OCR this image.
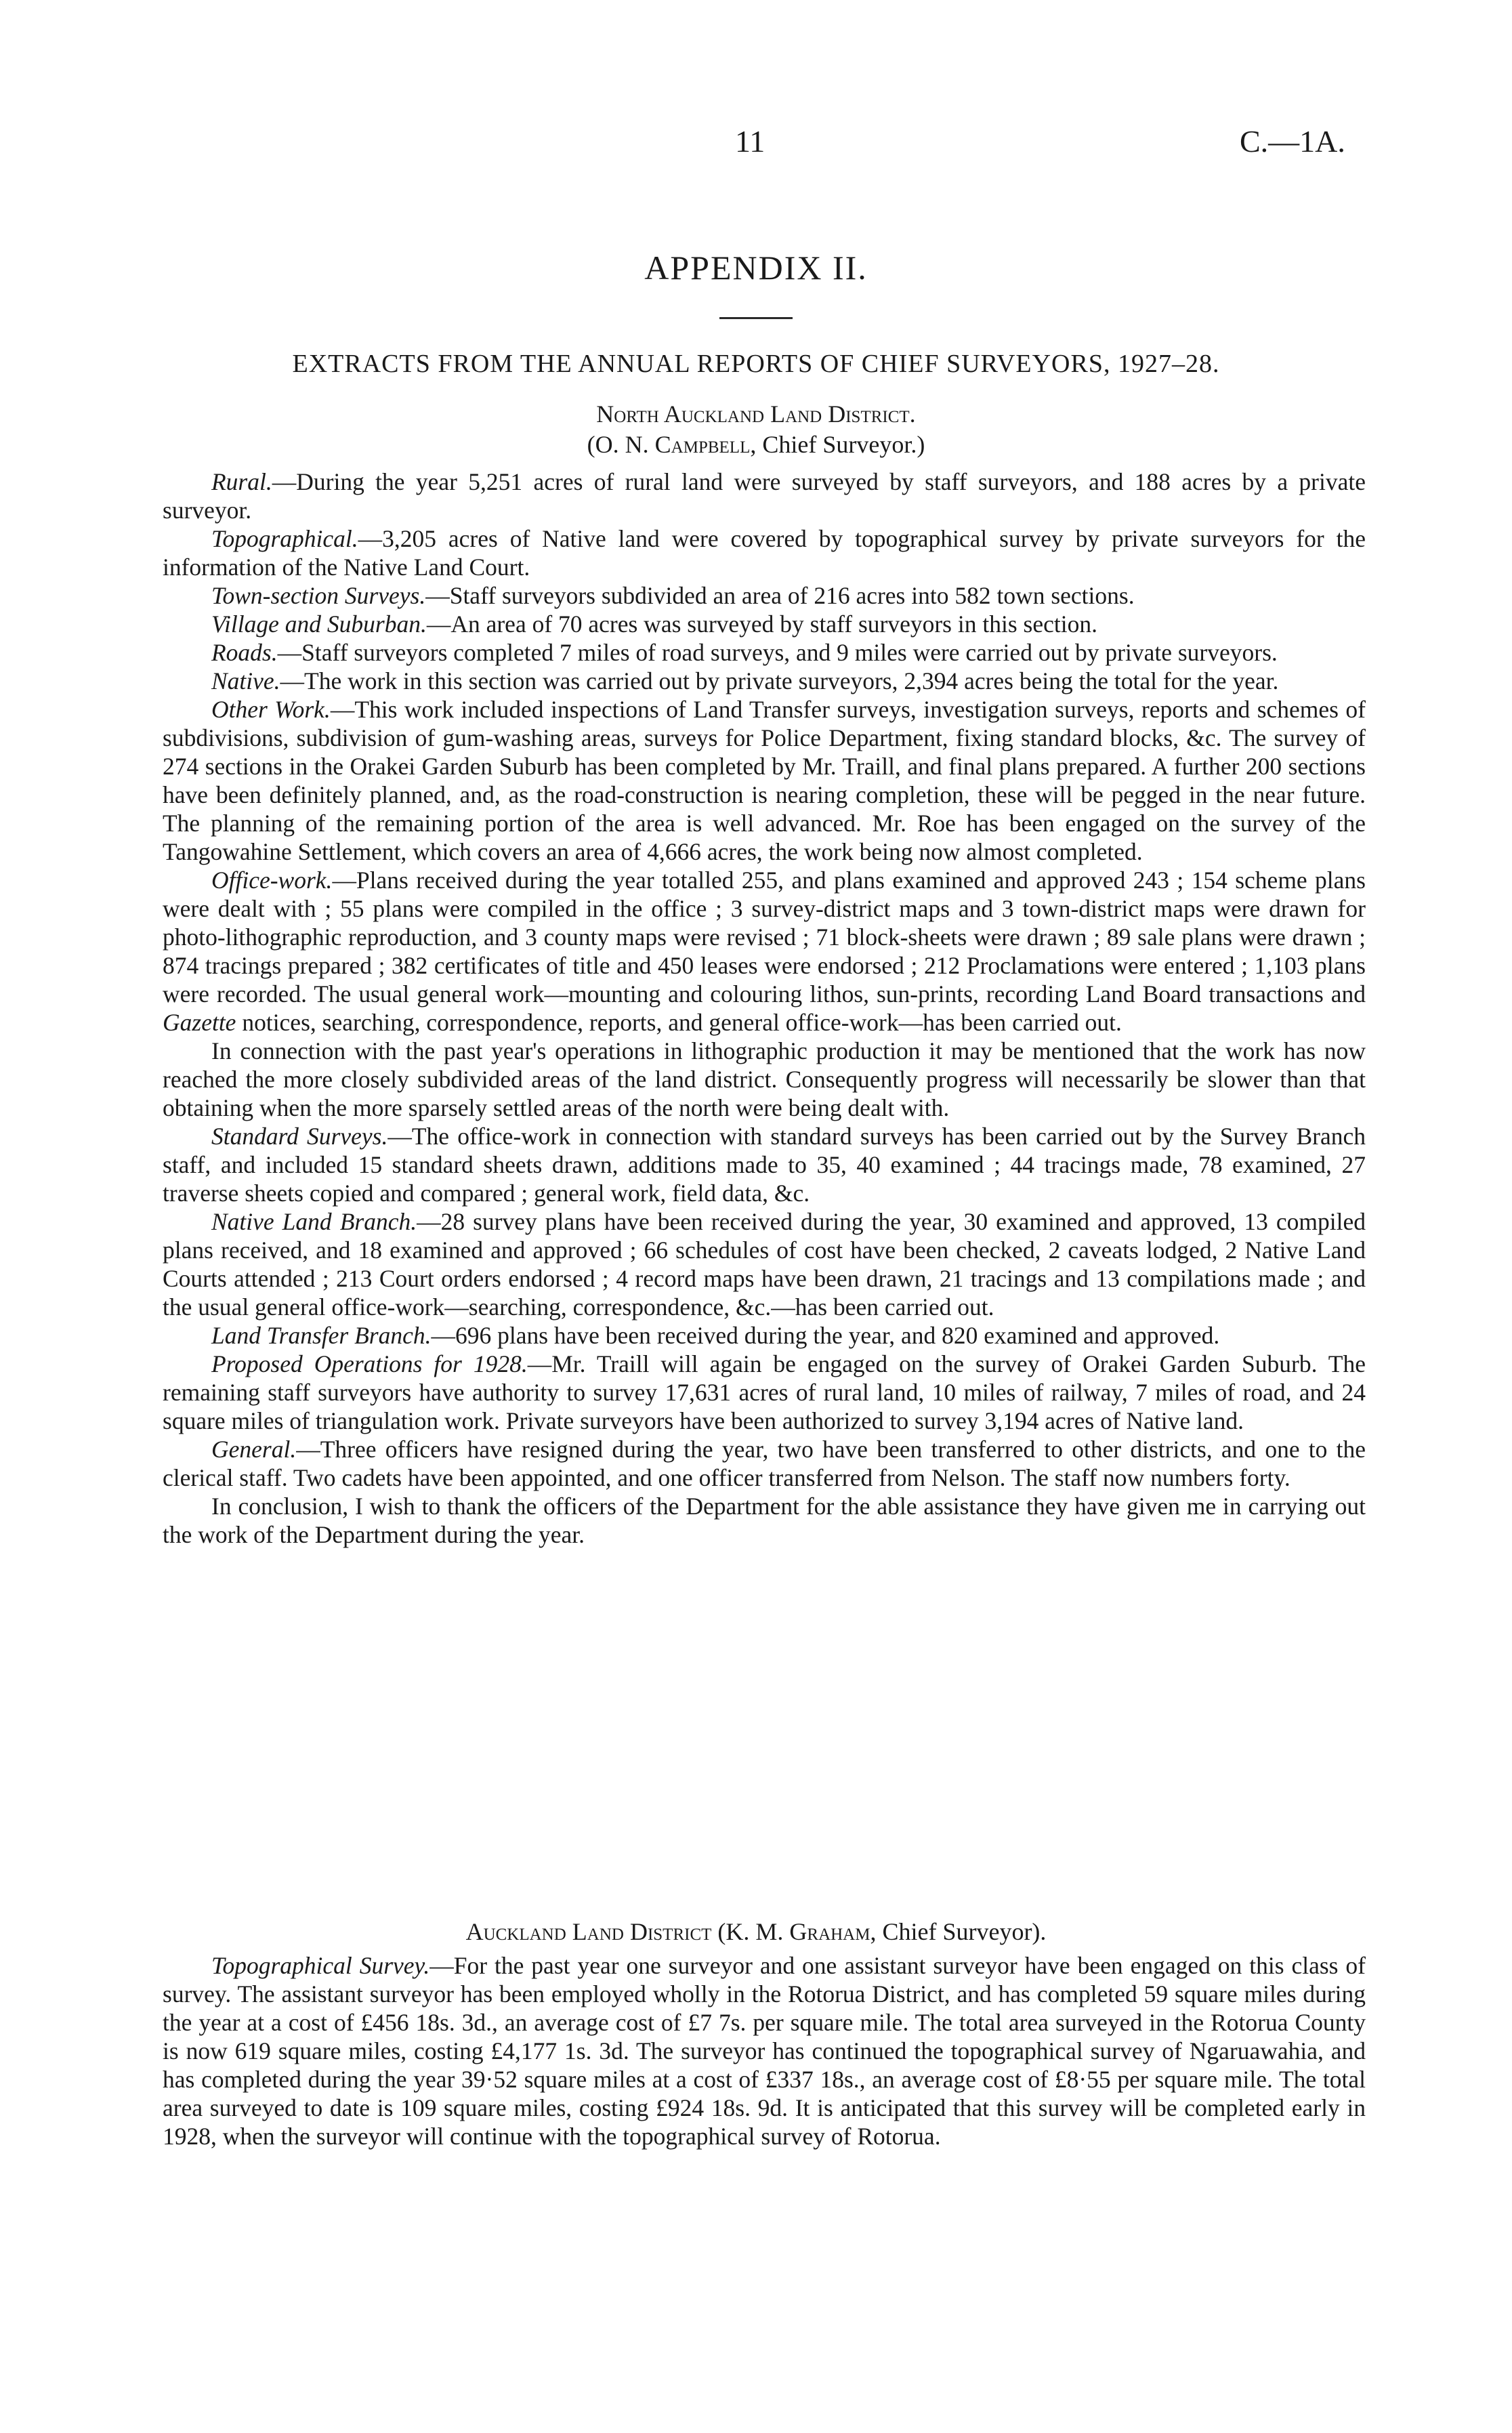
11	C.—1A.
APPENDIX II.
EXTRACTS FROM THE ANNUAL REPORTS OF CHIEF SURVEYORS, 1927–28.
North Auckland Land District.
(O. N. Campbell, Chief Surveyor.)

Rural.—During the year 5,251 acres of rural land were surveyed by staff surveyors, and 188 acres by a private surveyor.

Topographical.—3,205 acres of Native land were covered by topographical survey by private surveyors for the information of the Native Land Court.

Town-section Surveys.—Staff surveyors subdivided an area of 216 acres into 582 town sections.

Village and Suburban.—An area of 70 acres was surveyed by staff surveyors in this section.

Roads.—Staff surveyors completed 7 miles of road surveys, and 9 miles were carried out by private surveyors.

Native.—The work in this section was carried out by private surveyors, 2,394 acres being the total for the year.

Other Work.—This work included inspections of Land Transfer surveys, investigation surveys, reports and schemes of subdivisions, subdivision of gum-washing areas, surveys for Police Department, fixing standard blocks, &c. The survey of 274 sections in the Orakei Garden Suburb has been completed by Mr. Traill, and final plans prepared. A further 200 sections have been definitely planned, and, as the road-construction is nearing completion, these will be pegged in the near future. The planning of the remaining portion of the area is well advanced. Mr. Roe has been engaged on the survey of the Tangowahine Settlement, which covers an area of 4,666 acres, the work being now almost completed.

Office-work.—Plans received during the year totalled 255, and plans examined and approved 243 ; 154 scheme plans were dealt with ; 55 plans were compiled in the office ; 3 survey-district maps and 3 town-district maps were drawn for photo-lithographic reproduction, and 3 county maps were revised ; 71 block-sheets were drawn ; 89 sale plans were drawn ; 874 tracings prepared ; 382 certificates of title and 450 leases were endorsed ; 212 Proclamations were entered ; 1,103 plans were recorded. The usual general work—mounting and colouring lithos, sun-prints, recording Land Board transactions and Gazette notices, searching, correspondence, reports, and general office-work—has been carried out.

In connection with the past year's operations in lithographic production it may be mentioned that the work has now reached the more closely subdivided areas of the land district. Consequently progress will necessarily be slower than that obtaining when the more sparsely settled areas of the north were being dealt with.

Standard Surveys.—The office-work in connection with standard surveys has been carried out by the Survey Branch staff, and included 15 standard sheets drawn, additions made to 35, 40 examined ; 44 tracings made, 78 examined, 27 traverse sheets copied and compared ; general work, field data, &c.

Native Land Branch.—28 survey plans have been received during the year, 30 examined and approved, 13 compiled plans received, and 18 examined and approved ; 66 schedules of cost have been checked, 2 caveats lodged, 2 Native Land Courts attended ; 213 Court orders endorsed ; 4 record maps have been drawn, 21 tracings and 13 compilations made ; and the usual general office-work—searching, correspondence, &c.—has been carried out.

Land Transfer Branch.—696 plans have been received during the year, and 820 examined and approved.

Proposed Operations for 1928.—Mr. Traill will again be engaged on the survey of Orakei Garden Suburb. The remaining staff surveyors have authority to survey 17,631 acres of rural land, 10 miles of railway, 7 miles of road, and 24 square miles of triangulation work. Private surveyors have been authorized to survey 3,194 acres of Native land.

General.—Three officers have resigned during the year, two have been transferred to other districts, and one to the clerical staff. Two cadets have been appointed, and one officer transferred from Nelson. The staff now numbers forty.

In conclusion, I wish to thank the officers of the Department for the able assistance they have given me in carrying out the work of the Department during the year.

Auckland Land District (K. M. Graham, Chief Surveyor).

Topographical Survey.—For the past year one surveyor and one assistant surveyor have been engaged on this class of survey. The assistant surveyor has been employed wholly in the Rotorua District, and has completed 59 square miles during the year at a cost of £456 18s. 3d., an average cost of £7 7s. per square mile. The total area surveyed in the Rotorua County is now 619 square miles, costing £4,177 1s. 3d. The surveyor has continued the topographical survey of Ngaruawahia, and has completed during the year 39·52 square miles at a cost of £337 18s., an average cost of £8·55 per square mile. The total area surveyed to date is 109 square miles, costing £924 18s. 9d. It is anticipated that this survey will be completed early in 1928, when the surveyor will continue with the topographical survey of Rotorua.
